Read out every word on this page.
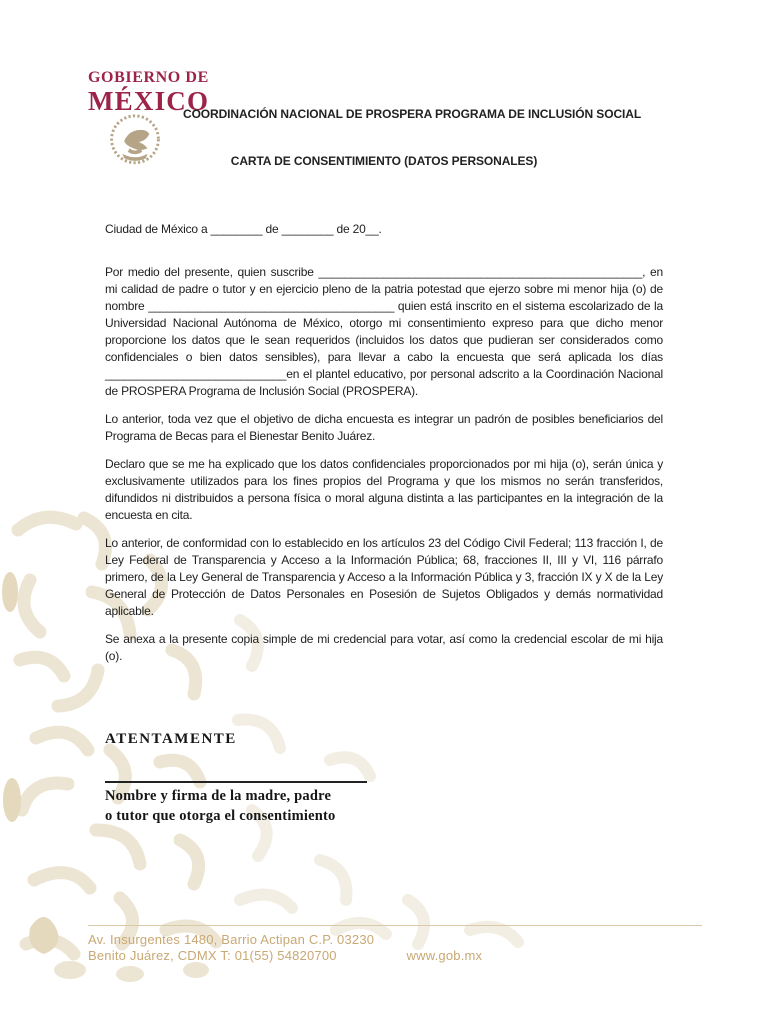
GOBIERNO DE
MÉXICO
COORDINACIÓN NACIONAL DE PROSPERA PROGRAMA DE INCLUSIÓN SOCIAL
CARTA DE CONSENTIMIENTO (DATOS PERSONALES)

Ciudad de México a ________ de ________ de 20__.

Por medio del presente, quien suscribe __________________________________________________, en mi calidad de padre o tutor y en ejercicio pleno de la patria potestad que ejerzo sobre mi menor hija (o) de nombre ______________________________________ quien está inscrito en el sistema escolarizado de la Universidad Nacional Autónoma de México, otorgo mi consentimiento expreso para que dicho menor proporcione los datos que le sean requeridos (incluidos los datos que pudieran ser considerados como confidenciales o bien datos sensibles), para llevar a cabo la encuesta que será aplicada los días ____________________________en el plantel educativo, por personal adscrito a la Coordinación Nacional de PROSPERA Programa de Inclusión Social (PROSPERA).

Lo anterior, toda vez que el objetivo de dicha encuesta es integrar un padrón de posibles beneficiarios del Programa de Becas para el Bienestar Benito Juárez.

Declaro que se me ha explicado que los datos confidenciales proporcionados por mi hija (o), serán única y exclusivamente utilizados para los fines propios del Programa y que los mismos no serán transferidos, difundidos ni distribuidos a persona física o moral alguna distinta a las participantes en la integración de la encuesta en cita.

Lo anterior, de conformidad con lo establecido en los artículos 23 del Código Civil Federal; 113 fracción I, de Ley Federal de Transparencia y Acceso a la Información Pública; 68, fracciones II, III y VI, 116 párrafo primero, de la Ley General de Transparencia y Acceso a la Información Pública y 3, fracción IX y X de la Ley General de Protección de Datos Personales en Posesión de Sujetos Obligados y demás normatividad aplicable.

Se anexa a la presente copia simple de mi credencial para votar, así como la credencial escolar de mi hija (o).

ATENTAMENTE
Nombre y firma de la madre, padre
o tutor que otorga el consentimiento
Av. Insurgentes 1480, Barrio Actipan C.P. 03230
Benito Juárez, CDMX T: 01(55) 54820700	www.gob.mx
